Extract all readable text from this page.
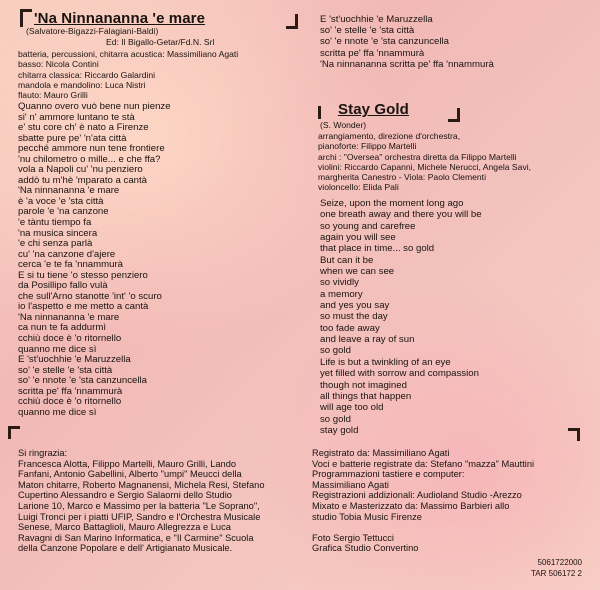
'Na Ninnananna 'e mare
(Salvatore-Bigazzi-Falagiani-Baldi)
Ed: Il Bigallo-Getar/Fd.N. Srl
batteria, percussioni, chitarra acustica: Massimiliano Agati
basso: Nicola Contini
chitarra classica: Riccardo Galardini
mandola e mandolino: Luca Nistri
flauto: Mauro Grilli
Quanno overo vuò bene nun pienze
si' n' ammore luntano te stà
e' stu core ch' è nato a Firenze
sbatte pure pe' 'n'ata città
pecché ammore nun tene frontiere
'nu chilometro o mille... e che ffa?
vola a Napoli cu' 'nu penziero
addò tu m'hè 'mparato a cantà
'Na ninnananna 'e mare
è 'a voce 'e 'sta città
parole 'e 'na canzone
'e tàntu tiempo fa
'na musica sincera
'e chi senza parlà
cu' 'na canzone d'ajere
cerca 'e te fa 'nnammurà
E si tu tiene 'o stesso penziero
da Posillipo fallo vulà
che sull'Arno stanotte 'int' 'o scuro
io l'aspetto e me metto a cantà
'Na ninnananna 'e mare
ca nun te fa addurmì
cchiù doce è 'o ritornello
quanno me dice sì
E 'st'uochhie 'e Maruzzella
so' 'e stelle 'e 'sta città
so' 'e nnote 'e 'sta canzuncella
scritta pe' ffa 'nnammurà
cchiù doce è 'o ritornello
quanno me dice sì
E 'st'uochhie 'e Maruzzella
so' 'e stelle 'e 'sta città
so' 'e nnote 'e 'sta canzuncella
scritta pe' ffa 'nnammurà
'Na ninnananna scritta pe' ffa 'nnammurà
Stay Gold
(S. Wonder)
arrangiamento, direzione d'orchestra,
pianoforte: Filippo Martelli
archi : "Oversea" orchestra diretta da Filippo Martelli
violini: Riccardo Capanni, Michele Nerucci, Angela Savi,
margherita Canestro - Viola: Paolo Clementi
violoncello: Elida Pali
Seize, upon the moment long ago
one breath away and there you will be
so young and carefree
again you will see
that place in time... so gold
But can it be
when we can see
so vividly
a memory
and yes you say
so must the day
too fade away
and leave a ray of sun
so gold
Life is but a twinkling of an eye
yet filled with sorrow and compassion
though not imagined
all things that happen
will age too old
so gold
stay gold
Si ringrazia:
Francesca Alotta, Filippo Martelli, Mauro Grilli, Lando
Fanfani, Antonio Gabellini, Alberto "umpi" Meucci della
Maton chitarre, Roberto Magnanensi, Michela Resi, Stefano
Cupertino Alessandro e Sergio Salaorni dello Studio
Larione 10, Marco e Massimo per la batteria "Le Soprano",
Luigi Tronci per i piatti UFIP, Sandro e l'Orchestra Musicale
Senese, Marco Battaglioli, Mauro Allegrezza e Luca
Ravagni di San Marino Informatica, e "Il Carmine" Scuola
della Canzone Popolare e dell' Artigianato Musicale.
Registrato da: Massimiliano Agati
Voci e batterie registrate da: Stefano "mazza" Mauttini
Programmazioni tastiere e computer:
Massimiliano Agati
Registrazioni addizionali: Audioland Studio -Arezzo
Mixato e Masterizzato da: Massimo Barbieri allo
studio Tobia Music Firenze

Foto Sergio Tettucci
Grafica Studio Convertino
5061722000
TAR 506172 2
